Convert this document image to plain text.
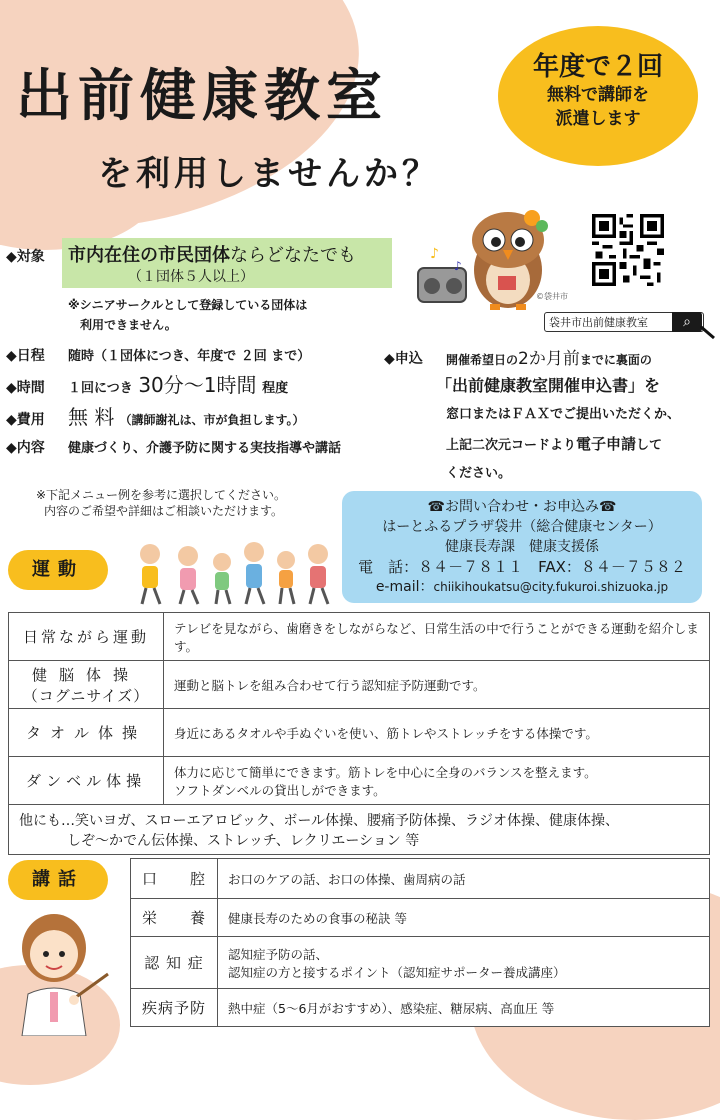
出前健康教室
を利用しませんか？
年度で２回
無料で講師を
派遣します
♪
♪
©袋井市
袋井市出前健康教室	⌕
◆対象 市内在住の市民団体ならどなたでも
（１団体５人以上）
※シニアサークルとして登録している団体は
利用できません。
◆日程 随時（１団体につき、年度で ２回 まで）
◆時間 １回につき 30分～1時間 程度
◆費用 無 料 （講師謝礼は、市が負担します。）
◆内容 健康づくり、介護予防に関する実技指導や講話
◆申込 開催希望日の2か月前までに裏面の
「出前健康教室開催申込書」を
窓口またはＦＡＸでご提出いただくか、
上記二次元コードより電子申請して
ください。
※下記メニュー例を参考に選択してください。
内容のご希望や詳細はご相談いただけます。	☎お問い合わせ・お申込み☎
はーとふるプラザ袋井（総合健康センター）
健康長寿課　健康支援係
電　話：８４－７８１１　FAX：８４－７５８２
e-mail：chiikihoukatsu@city.fukuroi.shizuoka.jp
運動
日常ながら運動	テレビを見ながら、歯磨きをしながらなど、日常生活の中で行うことができる運動を紹介します。

健脳体操
（コグニサイズ）	運動と脳トレを組み合わせて行う認知症予防運動です。
タオル体操	身近にあるタオルや手ぬぐいを使い、筋トレやストレッチをする体操です。
ダンベル体操	体力に応じて簡単にできます。筋トレを中心に全身のバランスを整えます。
ソフトダンベルの貸出しができます。

他にも…笑いヨガ、スローエアロビック、ボール体操、腰痛予防体操、ラジオ体操、健康体操、
しぞ～かでん伝体操、ストレッチ、レクリエーション 等	
講話	口　　腔	お口のケアの話、お口の体操、歯周病の話
栄　　養	健康長寿のための食事の秘訣 等
認 知 症	認知症予防の話、
認知症の方と接するポイント（認知症サポーター養成講座）

疾病予防	熱中症（5～6月がおすすめ）、感染症、糖尿病、高血圧 等
